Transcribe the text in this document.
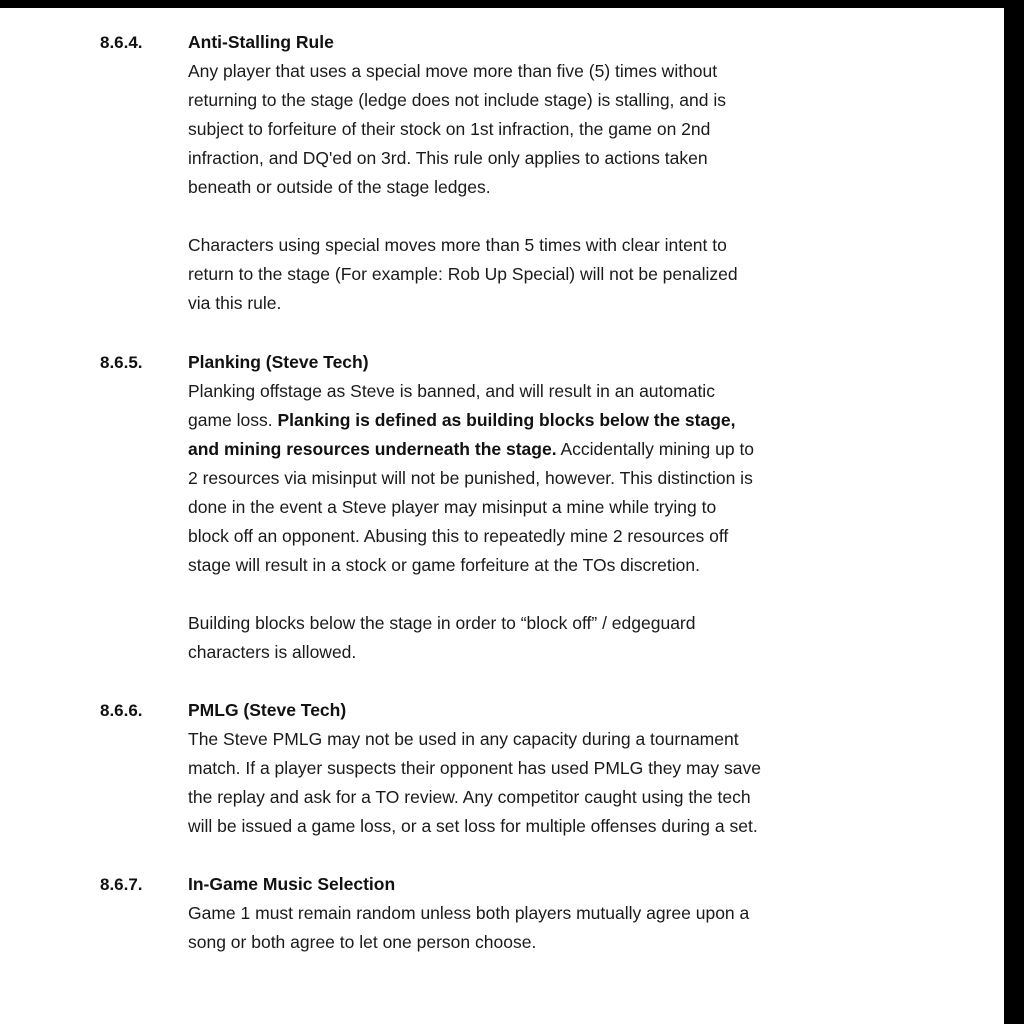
8.6.4.	Anti-Stalling Rule
Any player that uses a special move more than five (5) times without
returning to the stage (ledge does not include stage) is stalling, and is
subject to forfeiture of their stock on 1st infraction, the game on 2nd
infraction, and DQ'ed on 3rd. This rule only applies to actions taken
beneath or outside of the stage ledges.
Characters using special moves more than 5 times with clear intent to
return to the stage (For example: Rob Up Special) will not be penalized
via this rule.
8.6.5.	Planking (Steve Tech)
Planking offstage as Steve is banned, and will result in an automatic
game loss. Planking is defined as building blocks below the stage,
and mining resources underneath the stage. Accidentally mining up to
2 resources via misinput will not be punished, however. This distinction is
done in the event a Steve player may misinput a mine while trying to
block off an opponent. Abusing this to repeatedly mine 2 resources off
stage will result in a stock or game forfeiture at the TOs discretion.
Building blocks below the stage in order to “block off” / edgeguard
characters is allowed.
8.6.6.	PMLG (Steve Tech)
The Steve PMLG may not be used in any capacity during a tournament
match. If a player suspects their opponent has used PMLG they may save
the replay and ask for a TO review. Any competitor caught using the tech
will be issued a game loss, or a set loss for multiple offenses during a set.
8.6.7.	In-Game Music Selection
Game 1 must remain random unless both players mutually agree upon a
song or both agree to let one person choose.
